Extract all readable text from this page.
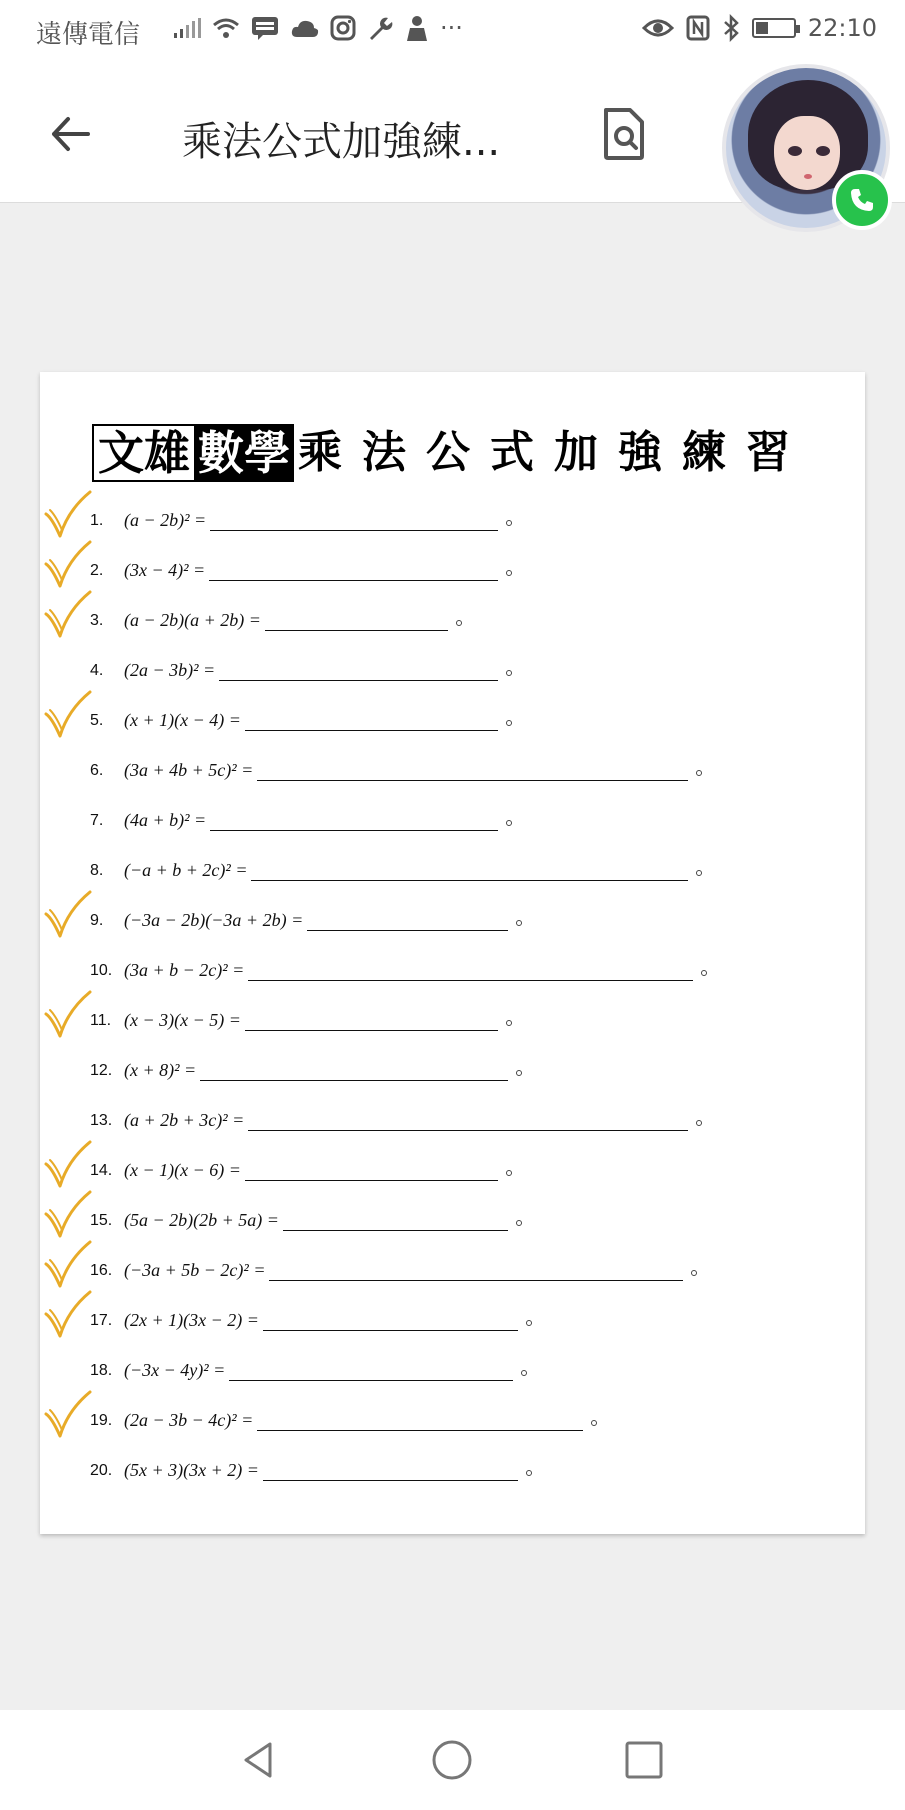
遠傳電信	···	22:10
乘法公式加強練...
文雄 數學 乘法公式加強練習
1. (a − 2b)² =
2. (3x − 4)² =
3. (a − 2b)(a + 2b) =
4. (2a − 3b)² =
5. (x + 1)(x − 4) =
6. (3a + 4b + 5c)² =
7. (4a + b)² =
8. (−a + b + 2c)² =
9. (−3a − 2b)(−3a + 2b) =
10. (3a + b − 2c)² =
11. (x − 3)(x − 5) =
12. (x + 8)² =
13. (a + 2b + 3c)² =
14. (x − 1)(x − 6) =
15. (5a − 2b)(2b + 5a) =
16. (−3a + 5b − 2c)² =
17. (2x + 1)(3x − 2) =
18. (−3x − 4y)² =
19. (2a − 3b − 4c)² =
20. (5x + 3)(3x + 2) =
